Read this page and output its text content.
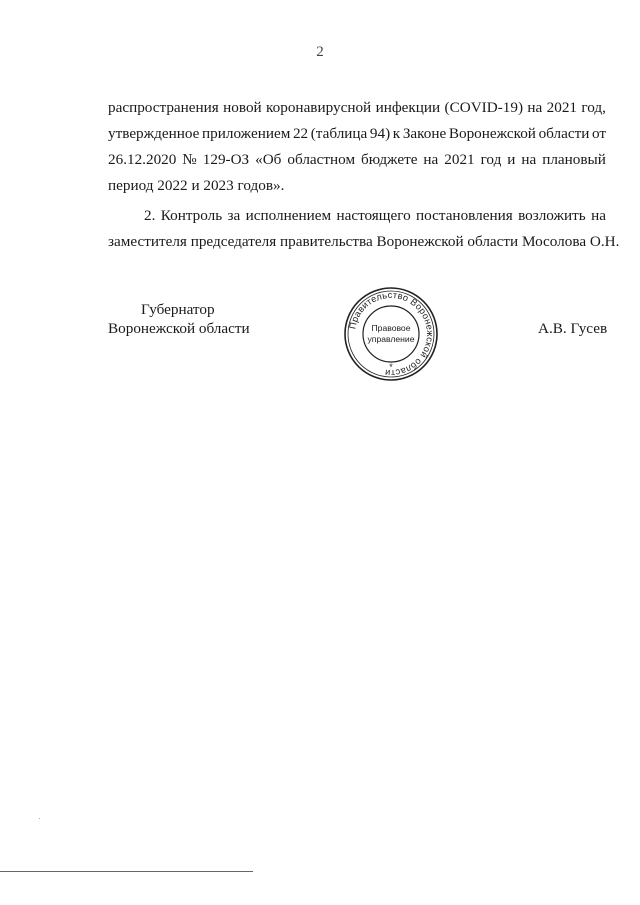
2
распространения новой коронавирусной инфекции (COVID-19) на 2021 год,
утвержденное приложением 22 (таблица 94) к Законе Воронежской области от
26.12.2020 № 129-ОЗ «Об областном бюджете на 2021 год и на плановый
период 2022 и 2023 годов».
2. Контроль за исполнением настоящего постановления возложить на
заместителя председателя правительства Воронежской области Мосолова О.Н.
Губернатор
Воронежской области	Правительство Воронежской области
Правовое
управление
*
А.В. Гусев
